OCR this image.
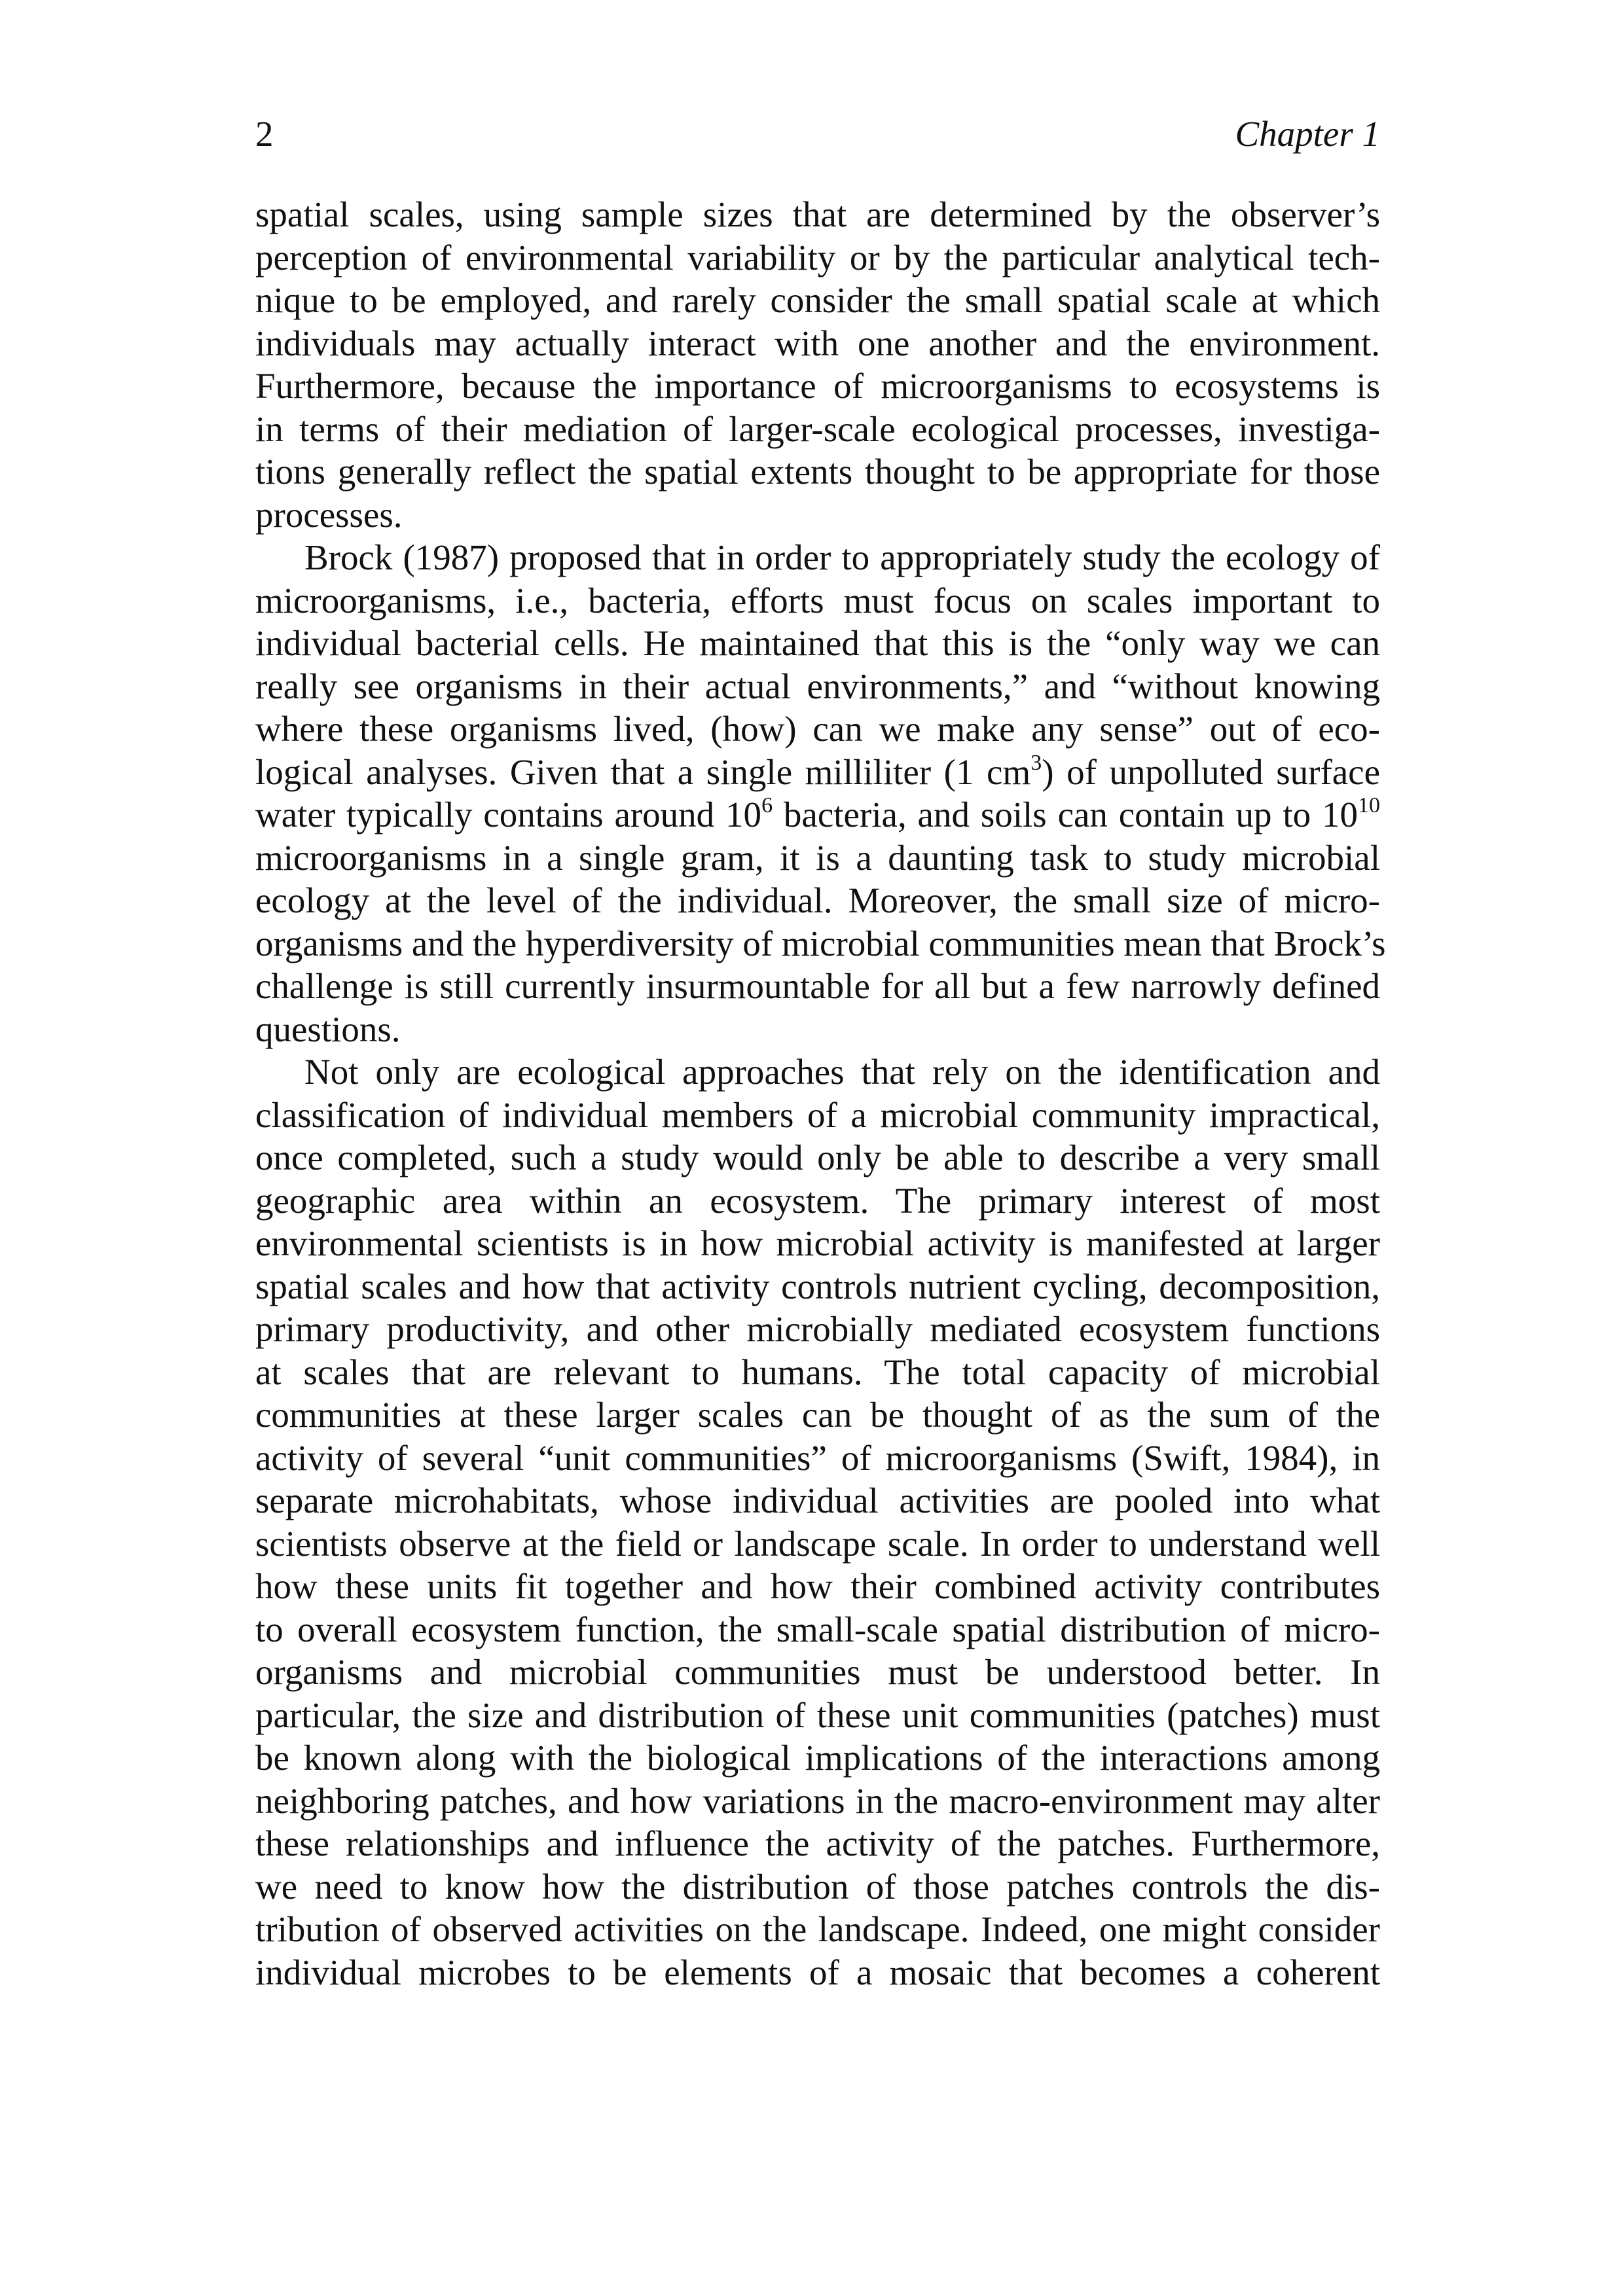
2	Chapter 1
spatial scales, using sample sizes that are determined by the observer’s
perception of environmental variability or by the particular analytical tech-
nique to be employed, and rarely consider the small spatial scale at which
individuals may actually interact with one another and the environment.
Furthermore, because the importance of microorganisms to ecosystems is
in terms of their mediation of larger-scale ecological processes, investiga-
tions generally reflect the spatial extents thought to be appropriate for those
processes.
Brock (1987) proposed that in order to appropriately study the ecology of
microorganisms, i.e., bacteria, efforts must focus on scales important to
individual bacterial cells. He maintained that this is the “only way we can
really see organisms in their actual environments,” and “without knowing
where these organisms lived, (how) can we make any sense” out of eco-
logical analyses. Given that a single milliliter (1 $cm^3$) of unpolluted surface
water typically contains around $10^6$ bacteria, and soils can contain up to $10^{10}$
microorganisms in a single gram, it is a daunting task to study microbial
ecology at the level of the individual. Moreover, the small size of micro-
organisms and the hyperdiversity of microbial communities mean that Brock’s
challenge is still currently insurmountable for all but a few narrowly defined
questions.
Not only are ecological approaches that rely on the identification and
classification of individual members of a microbial community impractical,
once completed, such a study would only be able to describe a very small
geographic area within an ecosystem. The primary interest of most
environmental scientists is in how microbial activity is manifested at larger
spatial scales and how that activity controls nutrient cycling, decomposition,
primary productivity, and other microbially mediated ecosystem functions
at scales that are relevant to humans. The total capacity of microbial
communities at these larger scales can be thought of as the sum of the
activity of several “unit communities” of microorganisms (Swift, 1984), in
separate microhabitats, whose individual activities are pooled into what
scientists observe at the field or landscape scale. In order to understand well
how these units fit together and how their combined activity contributes
to overall ecosystem function, the small-scale spatial distribution of micro-
organisms and microbial communities must be understood better. In
particular, the size and distribution of these unit communities (patches) must
be known along with the biological implications of the interactions among
neighboring patches, and how variations in the macro-environment may alter
these relationships and influence the activity of the patches. Furthermore,
we need to know how the distribution of those patches controls the dis-
tribution of observed activities on the landscape. Indeed, one might consider
individual microbes to be elements of a mosaic that becomes a coherent
